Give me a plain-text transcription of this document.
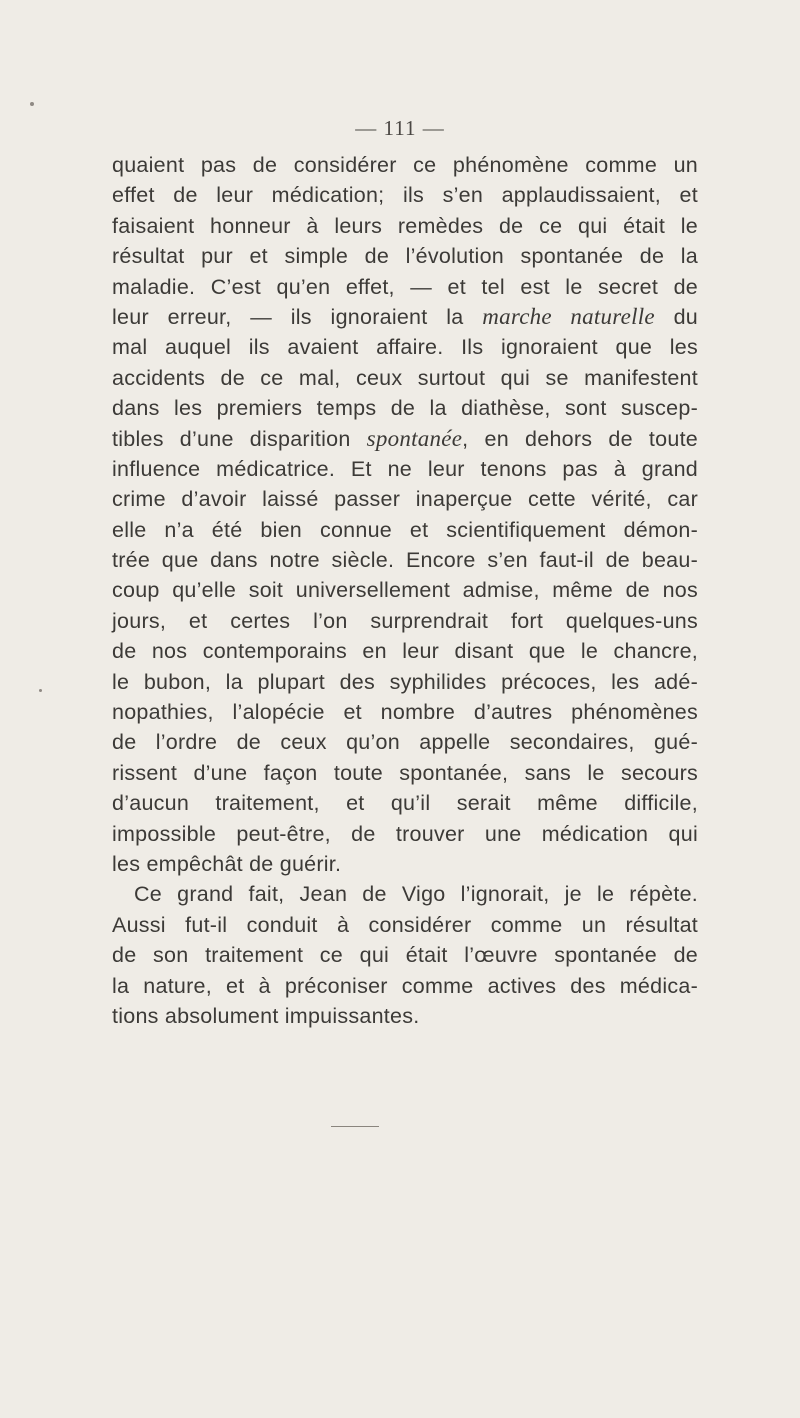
— 111 —
quaient pas de considérer ce phénomène comme un
effet de leur médication; ils s’en applaudissaient, et
faisaient honneur à leurs remèdes de ce qui était le
résultat pur et simple de l’évolution spontanée de la
maladie. C’est qu’en effet, — et tel est le secret de
leur erreur, — ils ignoraient la marche naturelle du
mal auquel ils avaient affaire. Ils ignoraient que les
accidents de ce mal, ceux surtout qui se manifestent
dans les premiers temps de la diathèse, sont suscep-
tibles d’une disparition spontanée, en dehors de toute
influence médicatrice. Et ne leur tenons pas à grand
crime d’avoir laissé passer inaperçue cette vérité, car
elle n’a été bien connue et scientifiquement démon-
trée que dans notre siècle. Encore s’en faut-il de beau-
coup qu’elle soit universellement admise, même de nos
jours, et certes l’on surprendrait fort quelques-uns
de nos contemporains en leur disant que le chancre,
le bubon, la plupart des syphilides précoces, les adé-
nopathies, l’alopécie et nombre d’autres phénomènes
de l’ordre de ceux qu’on appelle secondaires, gué-
rissent d’une façon toute spontanée, sans le secours
d’aucun traitement, et qu’il serait même difficile,
impossible peut-être, de trouver une médication qui
les empêchât de guérir.
Ce grand fait, Jean de Vigo l’ignorait, je le répète.
Aussi fut-il conduit à considérer comme un résultat
de son traitement ce qui était l’œuvre spontanée de
la nature, et à préconiser comme actives des médica-
tions absolument impuissantes.
